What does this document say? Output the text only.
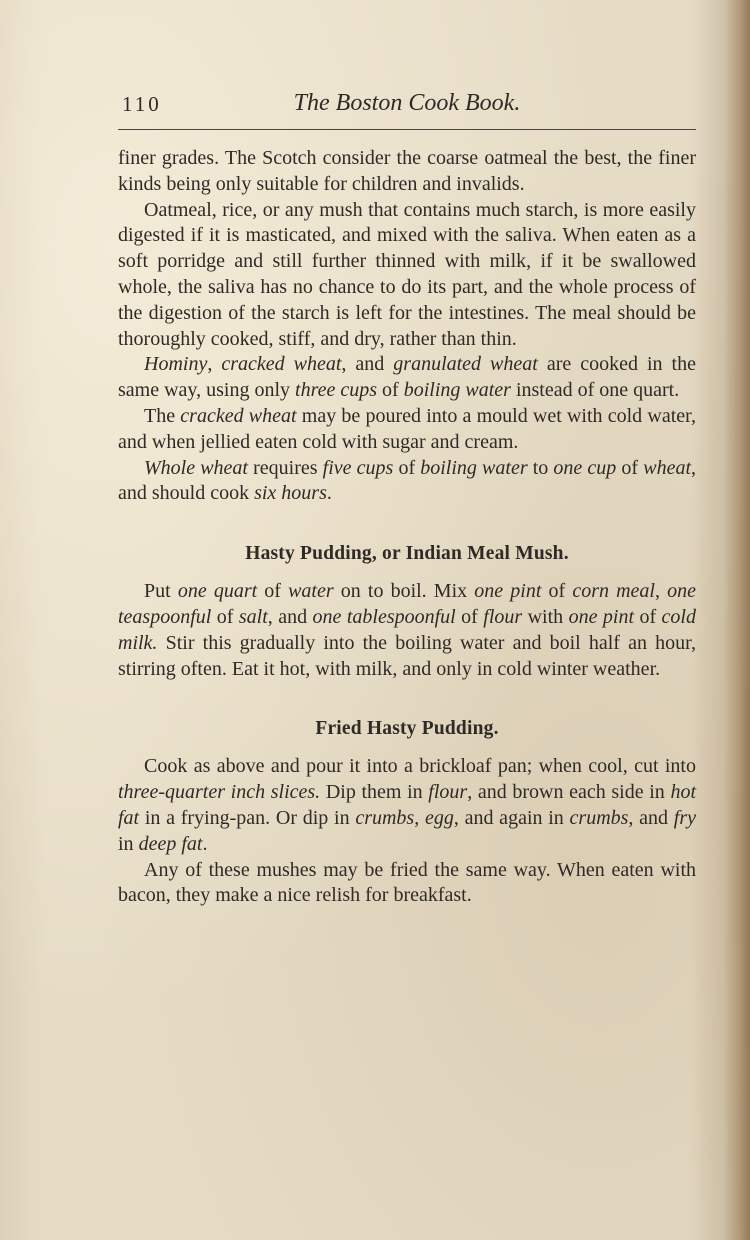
110	The Boston Cook Book.

finer grades. The Scotch consider the coarse oatmeal the best, the finer kinds being only suitable for children and invalids.

Oatmeal, rice, or any mush that contains much starch, is more easily digested if it is masticated, and mixed with the saliva. When eaten as a soft porridge and still further thinned with milk, if it be swallowed whole, the saliva has no chance to do its part, and the whole process of the digestion of the starch is left for the intestines. The meal should be thoroughly cooked, stiff, and dry, rather than thin.

Hominy, cracked wheat, and granulated wheat are cooked in the same way, using only three cups of boiling water instead of one quart.

The cracked wheat may be poured into a mould wet with cold water, and when jellied eaten cold with sugar and cream.

Whole wheat requires five cups of boiling water to one cup of wheat, and should cook six hours.

Hasty Pudding, or Indian Meal Mush.

Put one quart of water on to boil. Mix one pint of corn meal, one teaspoonful of salt, and one tablespoonful of flour with one pint of cold milk. Stir this gradually into the boiling water and boil half an hour, stirring often. Eat it hot, with milk, and only in cold winter weather.

Fried Hasty Pudding.

Cook as above and pour it into a brickloaf pan; when cool, cut into three-quarter inch slices. Dip them in flour, and brown each side in hot fat in a frying-pan. Or dip in crumbs, egg, and again in crumbs, and fry in deep fat.

Any of these mushes may be fried the same way. When eaten with bacon, they make a nice relish for breakfast.
